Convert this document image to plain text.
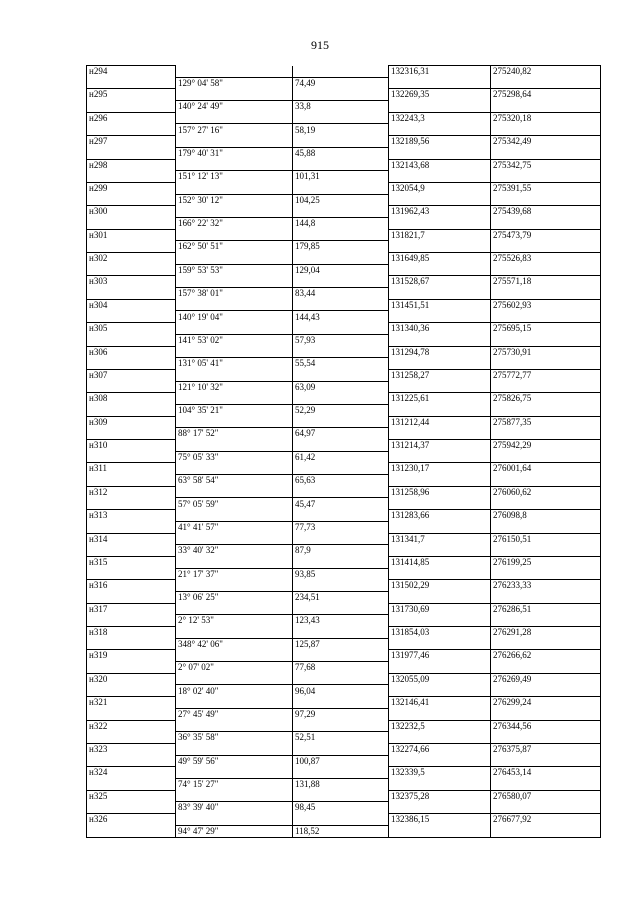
915
н294			132316,31	275240,82
	129° 04' 58"	74,49		
н295			132269,35	275298,64
	140° 24' 49"	33,8		
н296			132243,3	275320,18
	157° 27' 16"	58,19		
н297			132189,56	275342,49
	179° 40' 31"	45,88		
н298			132143,68	275342,75
	151° 12' 13"	101,31		
н299			132054,9	275391,55
	152° 30' 12"	104,25		
н300			131962,43	275439,68
	166° 22' 32"	144,8		
н301			131821,7	275473,79
	162° 50' 51"	179,85		
н302			131649,85	275526,83
	159° 53' 53"	129,04		
н303			131528,67	275571,18
	157° 38' 01"	83,44		
н304			131451,51	275602,93
	140° 19' 04"	144,43		
н305			131340,36	275695,15
	141° 53' 02"	57,93		
н306			131294,78	275730,91
	131° 05' 41"	55,54		
н307			131258,27	275772,77
	121° 10' 32"	63,09		
н308			131225,61	275826,75
	104° 35' 21"	52,29		
н309			131212,44	275877,35
	88° 17' 52"	64,97		
н310			131214,37	275942,29
	75° 05' 33"	61,42		
н311			131230,17	276001,64
	63° 58' 54"	65,63		
н312			131258,96	276060,62
	57° 05' 59"	45,47		
н313			131283,66	276098,8
	41° 41' 57"	77,73		
н314			131341,7	276150,51
	33° 40' 32"	87,9		
н315			131414,85	276199,25
	21° 17' 37"	93,85		
н316			131502,29	276233,33
	13° 06' 25"	234,51		
н317			131730,69	276286,51
	2° 12' 53"	123,43		
н318			131854,03	276291,28
	348° 42' 06"	125,87		
н319			131977,46	276266,62
	2° 07' 02"	77,68		
н320			132055,09	276269,49
	18° 02' 40"	96,04		
н321			132146,41	276299,24
	27° 45' 49"	97,29		
н322			132232,5	276344,56
	36° 35' 58"	52,51		
н323			132274,66	276375,87
	49° 59' 56"	100,87		
н324			132339,5	276453,14
	74° 15' 27"	131,88		
н325			132375,28	276580,07
	83° 39' 40"	98,45		
н326			132386,15	276677,92
	94° 47' 29"	118,52		
